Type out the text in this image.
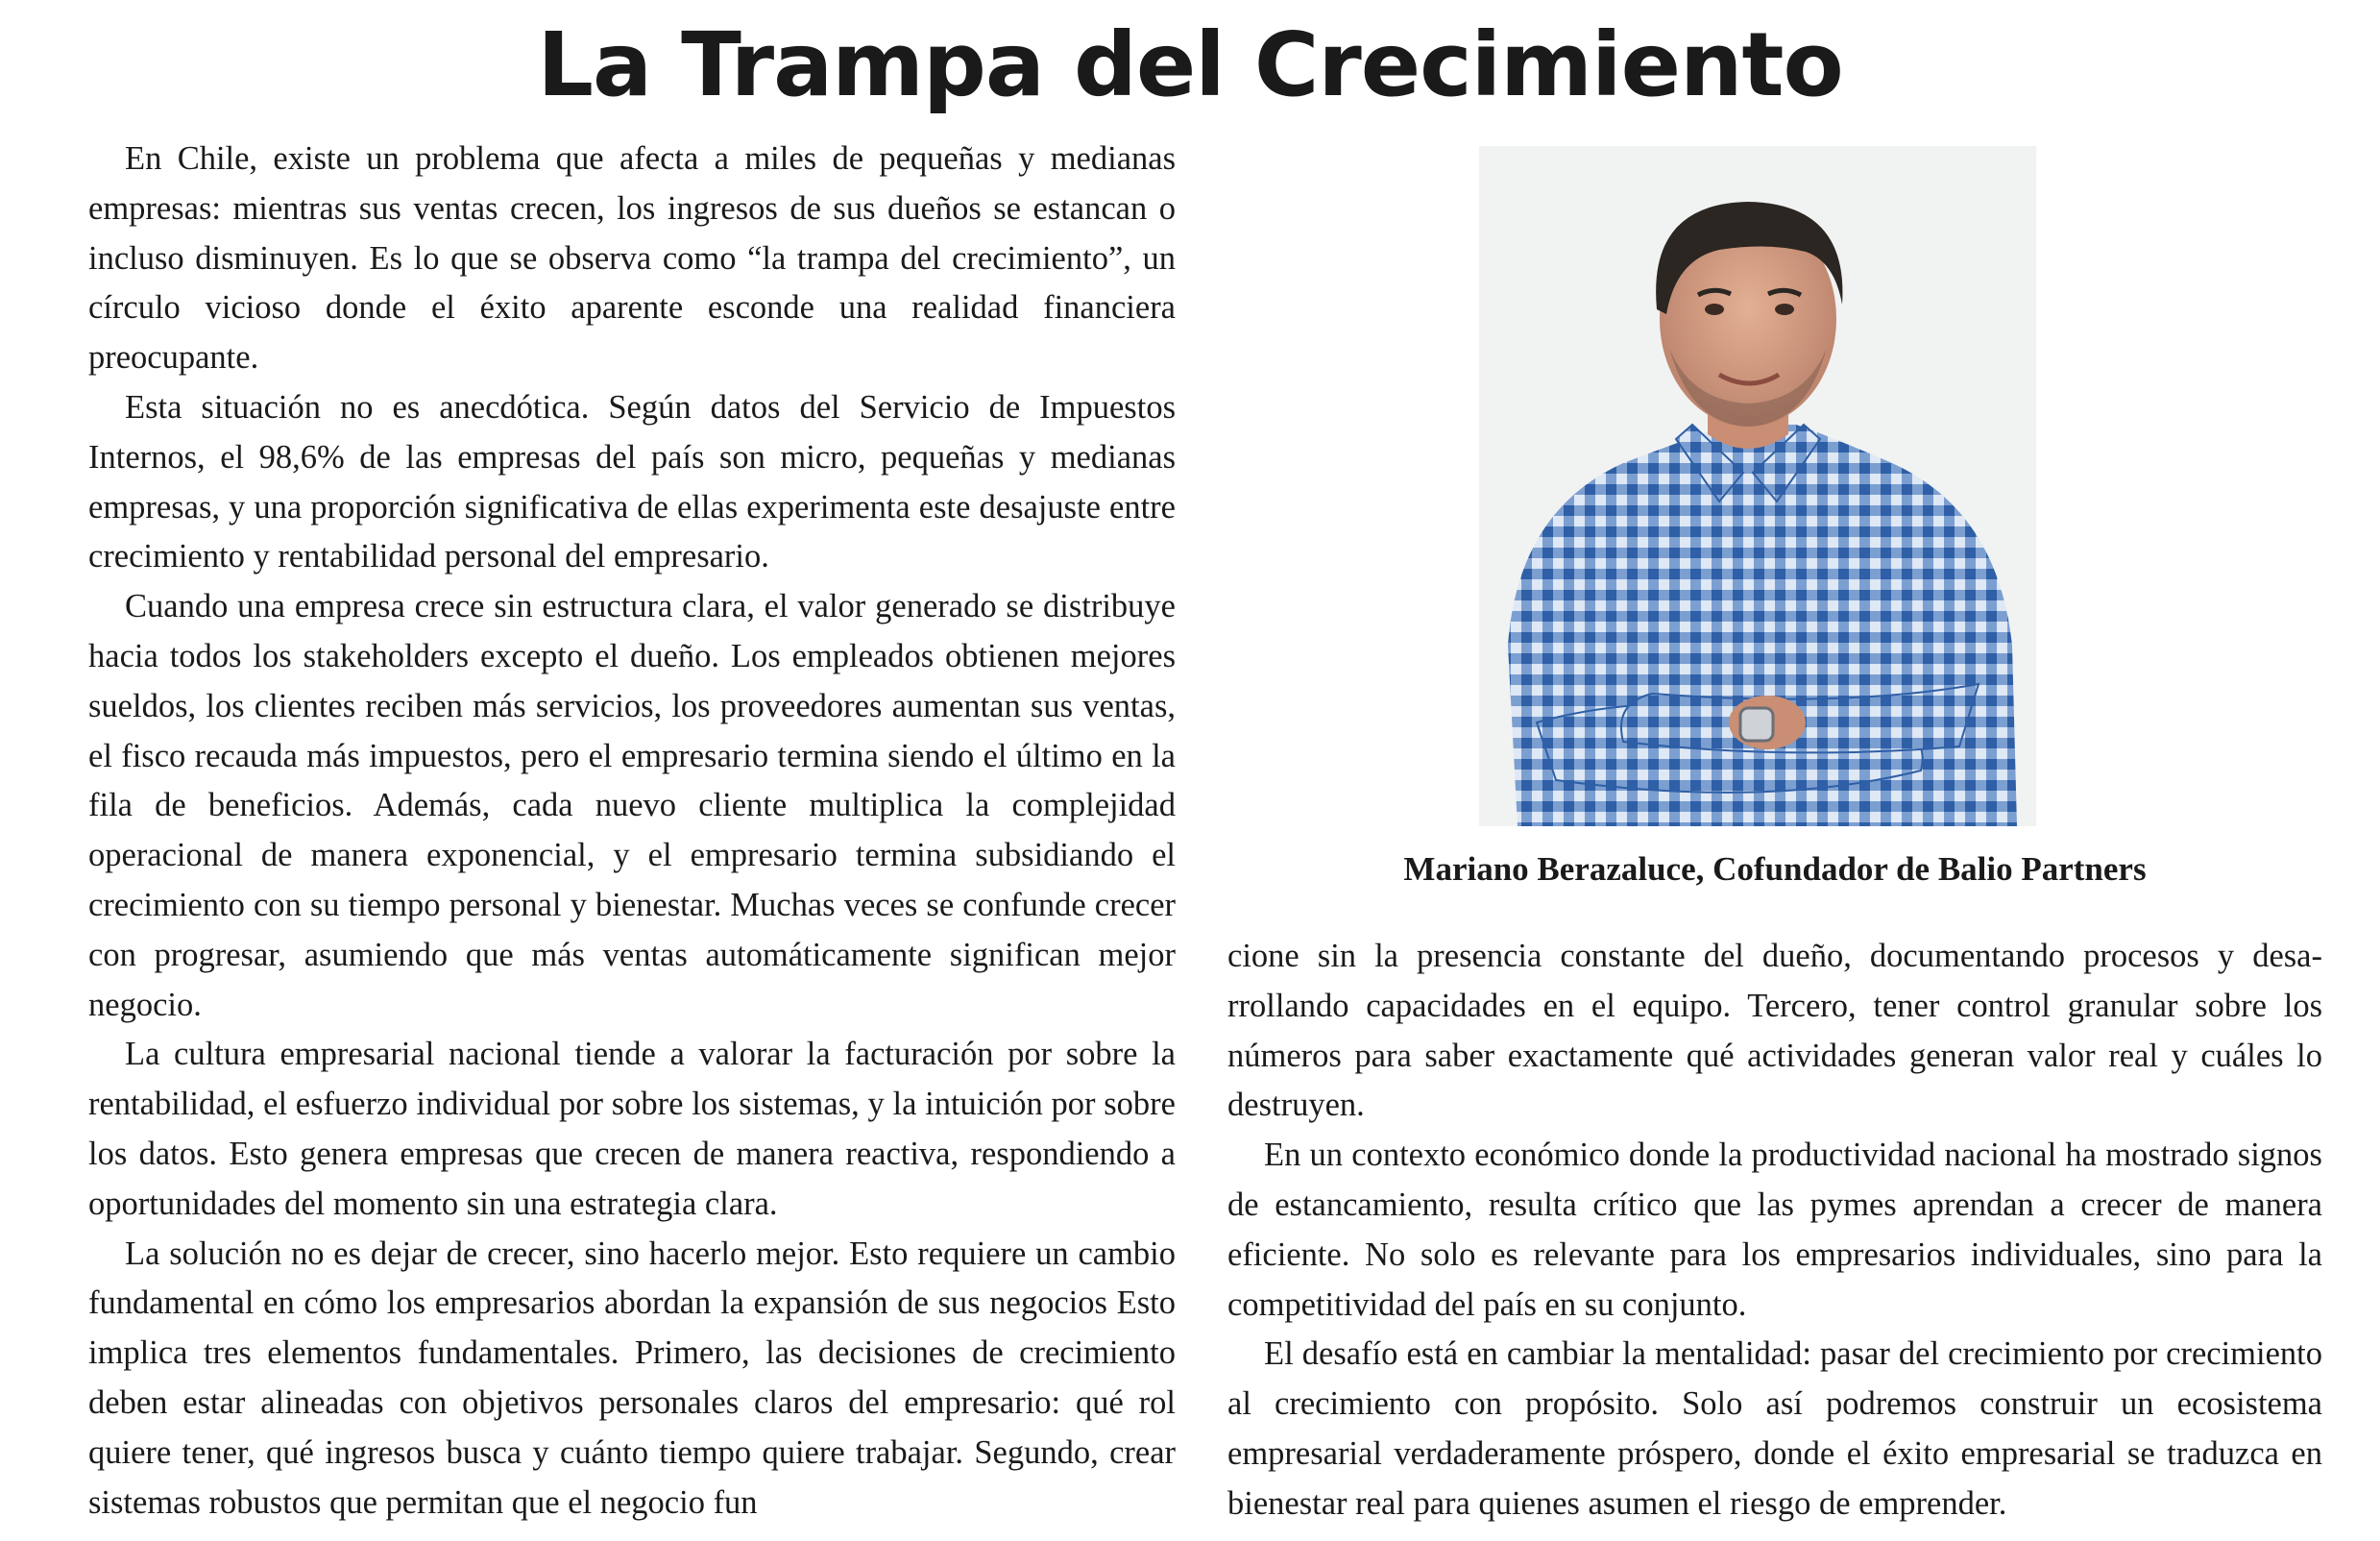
La Trampa del Crecimiento

En Chile, existe un problema que afecta a miles de pequeñas y medianas empresas: mientras sus ventas crecen, los ingresos de sus dueños se estancan o incluso disminuyen. Es lo que se observa como “la trampa del crecimiento”, un círculo vicioso donde el éxito aparente esconde una realidad financiera preocupante.

Esta situación no es anecdótica. Según datos del Servicio de Impuestos Internos, el 98,6% de las empresas del país son micro, pequeñas y medianas empresas, y una proporción significativa de ellas experimenta este desajuste entre crecimiento y rentabilidad personal del empresario.

Cuando una empresa crece sin estructura clara, el valor generado se distribuye hacia todos los stakeholders excepto el dueño. Los empleados obtienen mejores sueldos, los clientes reciben más servicios, los proveedores aumentan sus ventas, el fisco recauda más impuestos, pero el empresario termina siendo el último en la fila de beneficios. Además, cada nuevo cliente multiplica la complejidad operacional de manera exponencial, y el empresario termina subsidiando el crecimiento con su tiempo personal y bienestar. Muchas veces se confunde crecer con progresar, asumiendo que más ventas automáticamente significan mejor negocio.

La cultura empresarial nacional tiende a valorar la facturación por sobre la rentabilidad, el esfuerzo individual por sobre los sistemas, y la intuición por sobre los datos. Esto genera empresas que crecen de manera reactiva, respondiendo a oportunidades del momento sin una estrategia clara.

La solución no es dejar de crecer, sino hacerlo mejor. Esto requiere un cambio fundamental en cómo los empresarios abordan la expansión de sus negocios Esto implica tres elementos fundamentales. Primero, las decisiones de crecimiento deben estar alineadas con objetivos personales claros del empresario: qué rol quiere tener, qué ingresos busca y cuánto tiempo quiere trabajar. Segundo, crear sistemas robustos que permitan que el negocio fun

Mariano Berazaluce, Cofundador de Balio Partners

cione sin la presencia constante del dueño, documentando procesos y desarrollando capacidades en el equipo. Tercero, tener control granular sobre los números para saber exactamente qué actividades generan valor real y cuáles lo destruyen.

En un contexto económico donde la productividad nacional ha mostrado signos de estancamiento, resulta crítico que las pymes aprendan a crecer de manera eficiente. No solo es relevante para los empresarios individuales, sino para la competitividad del país en su conjunto.

El desafío está en cambiar la mentalidad: pasar del crecimiento por crecimiento al crecimiento con propósito. Solo así podremos construir un ecosistema empresarial verdaderamente próspero, donde el éxito empresarial se traduzca en bienestar real para quienes asumen el riesgo de emprender.
